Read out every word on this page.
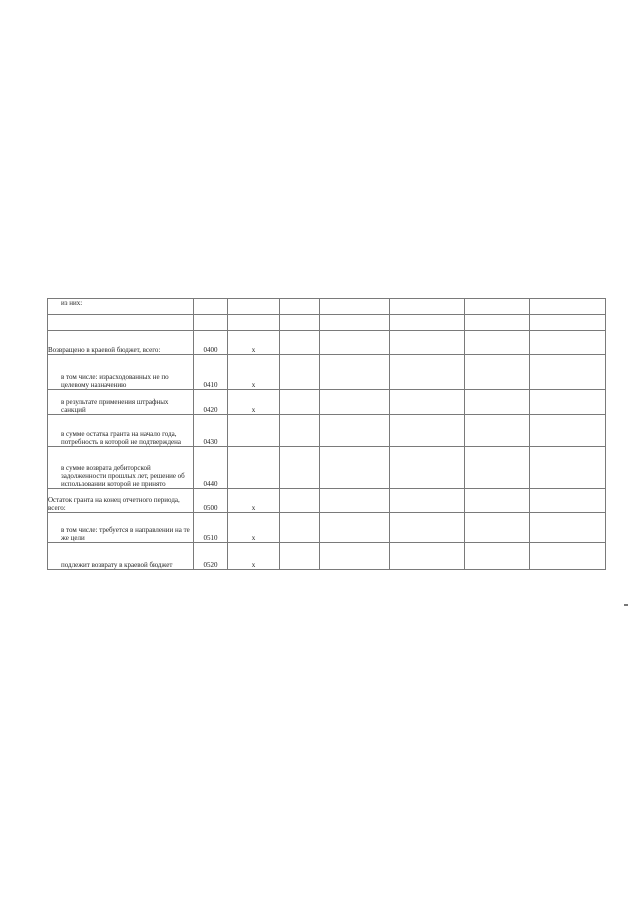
из них:							

Возвращено в краевой бюджет, всего:	0400	x					
в том числе: израсходованных не по целевому назначению	0410	x					
в результате применения штрафных санкций	0420	x					
в сумме остатка гранта на начало года, потребность в которой не подтверждена	0430						
в сумме возврата дебиторской задолженности прошлых лет, решение об использовании которой не принято	0440						
Остаток гранта на конец отчетного периода, всего:	0500	x					
в том числе: требуется в направлении на те же цели	0510	x					
подлежит возврату в краевой бюджет	0520	x					
